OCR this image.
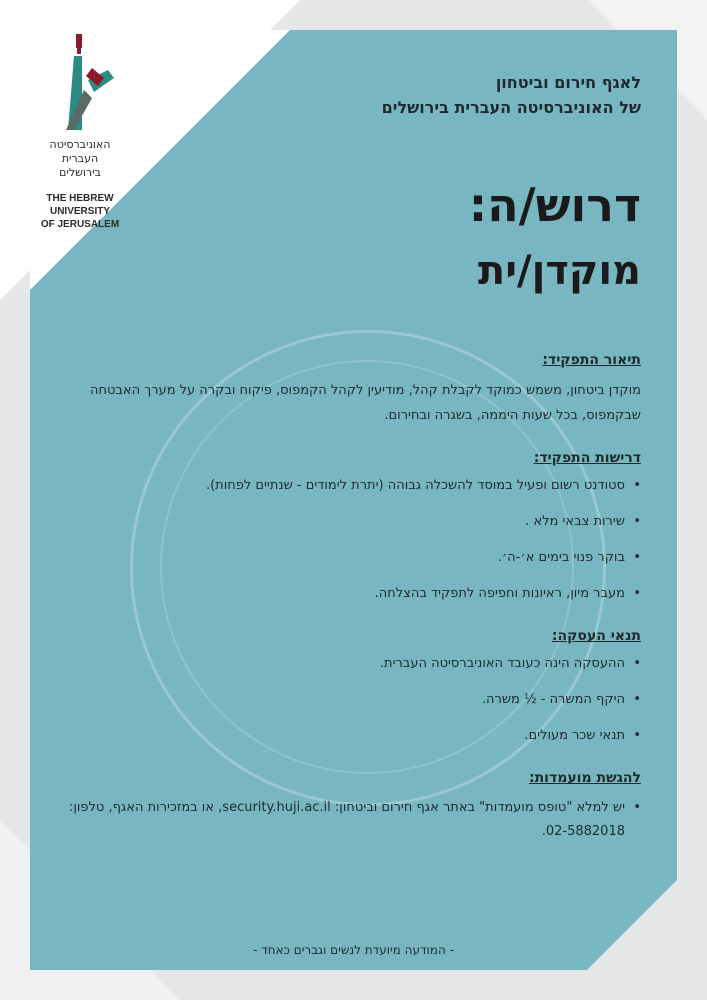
האוניברסיטה
העברית
בירושלים
THE HEBREW
UNIVERSITY
OF JERUSALEM
לאגף חירום וביטחון
של האוניברסיטה העברית בירושלים
דרוש/ה:
מוקדן/ית
תיאור התפקיד:
מוקדן ביטחון, משמש כמוקד לקבלת קהל, מודיעין לקהל הקמפוס, פיקוח ובקרה על מערך האבטחה שבקמפוס, בכל שעות היממה, בשגרה ובחירום.
דרישות התפקיד:
• סטודנט רשום ופעיל במוסד להשכלה גבוהה (יתרת לימודים - שנתיים לפחות).
• שירות צבאי מלא .
• בוקר פנוי בימים א׳-ה׳.
• מעבר מיון, ראיונות וחפיפה לתפקיד בהצלחה.
תנאי העסקה:
• ההעסקה הינה כעובד האוניברסיטה העברית.
• היקף המשרה - ½ משרה.
• תנאי שכר מעולים.
להגשת מועמדות:
• יש למלא "טופס מועמדות" באתר אגף חירום וביטחון: security.huji.ac.il, או במזכירות האגף, טלפון: 02-5882018.
- המודעה מיועדת לנשים וגברים כאחד -
